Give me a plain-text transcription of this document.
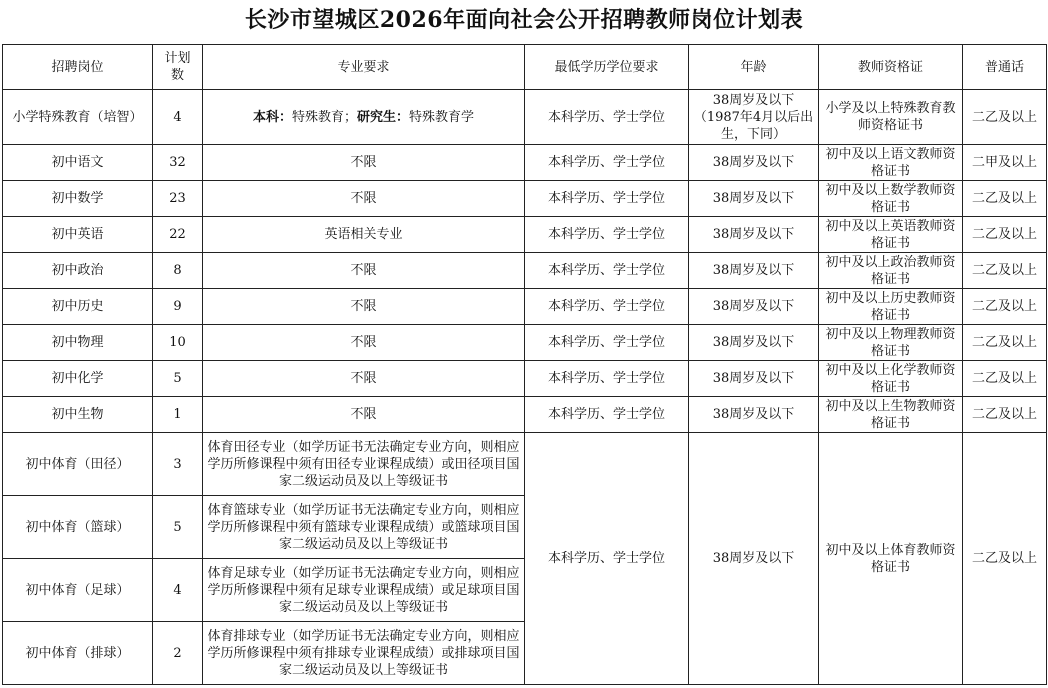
长沙市望城区2026年面向社会公开招聘教师岗位计划表
招聘岗位	计划数	专业要求	最低学历学位要求	年龄	教师资格证	普通话
小学特殊教育（培智）	4	本科：特殊教育；研究生：特殊教育学	本科学历、学士学位	38周岁及以下（1987年4月以后出生，下同）	小学及以上特殊教育教师资格证书	二乙及以上
初中语文	32	不限	本科学历、学士学位	38周岁及以下	初中及以上语文教师资格证书	二甲及以上
初中数学	23	不限	本科学历、学士学位	38周岁及以下	初中及以上数学教师资格证书	二乙及以上
初中英语	22	英语相关专业	本科学历、学士学位	38周岁及以下	初中及以上英语教师资格证书	二乙及以上
初中政治	8	不限	本科学历、学士学位	38周岁及以下	初中及以上政治教师资格证书	二乙及以上
初中历史	9	不限	本科学历、学士学位	38周岁及以下	初中及以上历史教师资格证书	二乙及以上
初中物理	10	不限	本科学历、学士学位	38周岁及以下	初中及以上物理教师资格证书	二乙及以上
初中化学	5	不限	本科学历、学士学位	38周岁及以下	初中及以上化学教师资格证书	二乙及以上
初中生物	1	不限	本科学历、学士学位	38周岁及以下	初中及以上生物教师资格证书	二乙及以上
初中体育（田径）	3	体育田径专业（如学历证书无法确定专业方向，则相应学历所修课程中须有田径专业课程成绩）或田径项目国家二级运动员及以上等级证书	本科学历、学士学位	38周岁及以下	初中及以上体育教师资格证书	二乙及以上
初中体育（篮球）	5	体育篮球专业（如学历证书无法确定专业方向，则相应学历所修课程中须有篮球专业课程成绩）或篮球项目国家二级运动员及以上等级证书				
初中体育（足球）	4	体育足球专业（如学历证书无法确定专业方向，则相应学历所修课程中须有足球专业课程成绩）或足球项目国家二级运动员及以上等级证书				
初中体育（排球）	2	体育排球专业（如学历证书无法确定专业方向，则相应学历所修课程中须有排球专业课程成绩）或排球项目国家二级运动员及以上等级证书				
